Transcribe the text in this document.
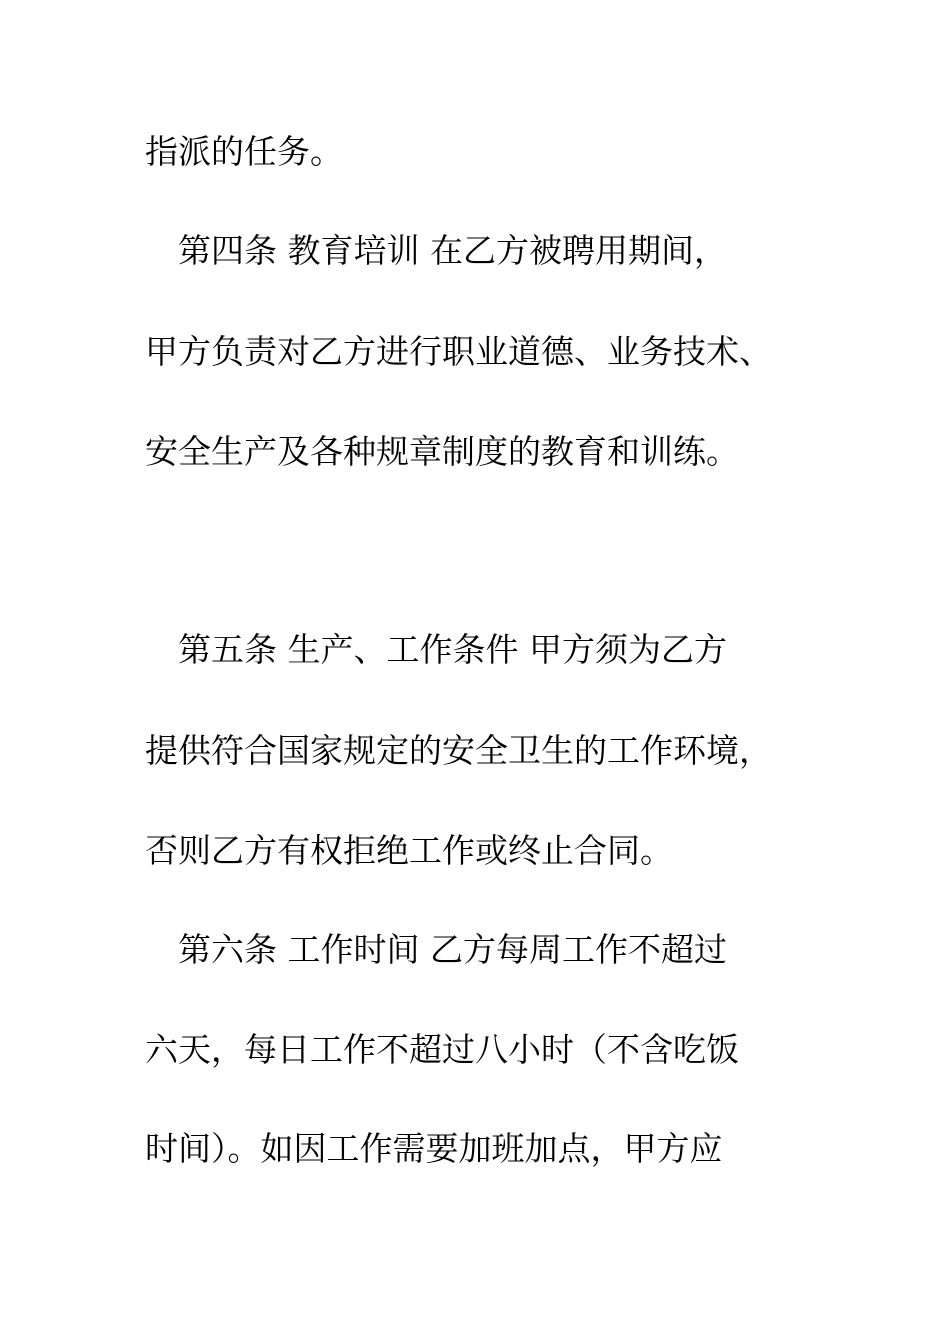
指派的任务。
第四条 教育培训 在乙方被聘用期间，
甲方负责对乙方进行职业道德、业务技术、
安全生产及各种规章制度的教育和训练。
第五条 生产、工作条件 甲方须为乙方
提供符合国家规定的安全卫生的工作环境，
否则乙方有权拒绝工作或终止合同。
第六条 工作时间 乙方每周工作不超过
六天，每日工作不超过八小时（不含吃饭
时间）。如因工作需要加班加点，甲方应
